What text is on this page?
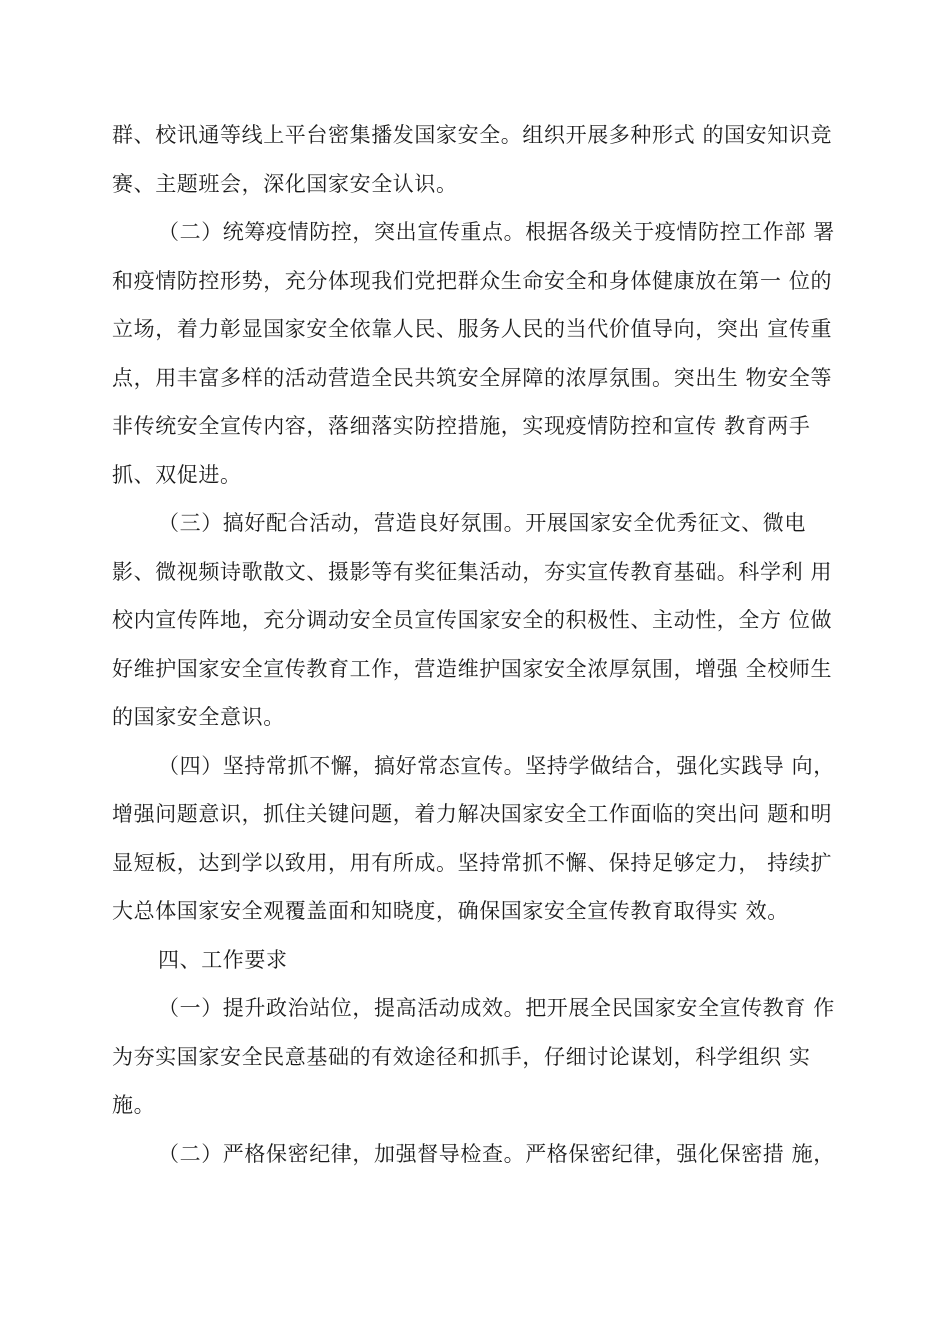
群、校讯通等线上平台密集播发国家安全。组织开展多种形式 的国安知识竞
赛、主题班会，深化国家安全认识。
（二）统筹疫情防控，突出宣传重点。根据各级关于疫情防控工作部 署
和疫情防控形势，充分体现我们党把群众生命安全和身体健康放在第一 位的
立场，着力彰显国家安全依靠人民、服务人民的当代价值导向，突出 宣传重
点，用丰富多样的活动营造全民共筑安全屏障的浓厚氛围。突出生 物安全等
非传统安全宣传内容，落细落实防控措施，实现疫情防控和宣传 教育两手
抓、双促进。
（三）搞好配合活动，营造良好氛围。开展国家安全优秀征文、微电
影、微视频诗歌散文、摄影等有奖征集活动，夯实宣传教育基础。科学利 用
校内宣传阵地，充分调动安全员宣传国家安全的积极性、主动性，全方 位做
好维护国家安全宣传教育工作，营造维护国家安全浓厚氛围，增强 全校师生
的国家安全意识。
（四）坚持常抓不懈，搞好常态宣传。坚持学做结合，强化实践导 向，
增强问题意识，抓住关键问题，着力解决国家安全工作面临的突出问 题和明
显短板，达到学以致用，用有所成。坚持常抓不懈、保持足够定力， 持续扩
大总体国家安全观覆盖面和知晓度，确保国家安全宣传教育取得实 效。
四、工作要求
（一）提升政治站位，提高活动成效。把开展全民国家安全宣传教育 作
为夯实国家安全民意基础的有效途径和抓手，仔细讨论谋划，科学组织 实
施。
（二）严格保密纪律，加强督导检查。严格保密纪律，强化保密措 施，
